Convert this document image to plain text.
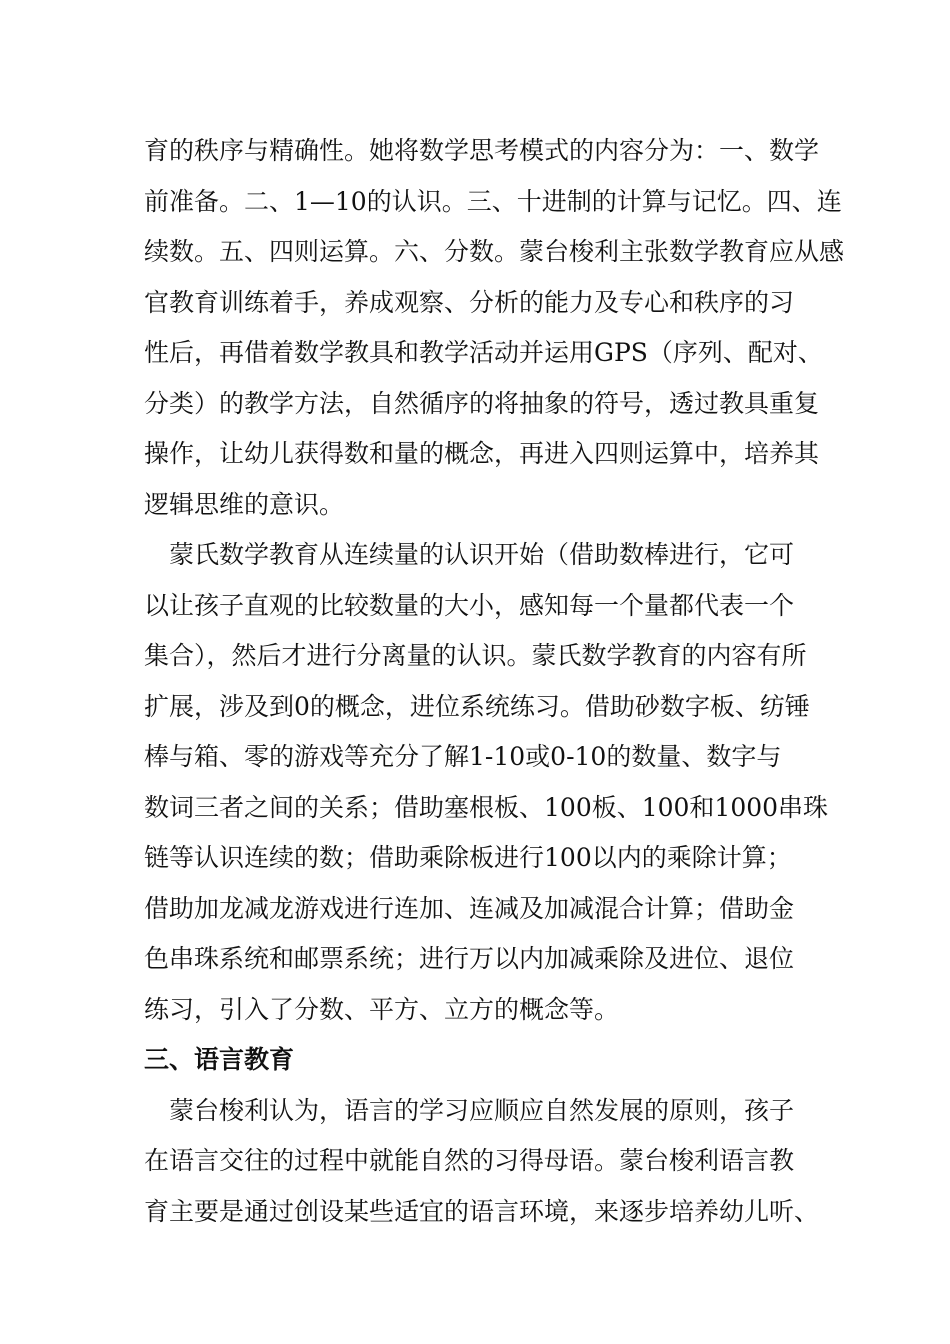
育的秩序与精确性。她将数学思考模式的内容分为：一、数学
前准备。二、1—10的认识。三、十进制的计算与记忆。四、连
续数。五、四则运算。六、分数。蒙台梭利主张数学教育应从感
官教育训练着手，养成观察、分析的能力及专心和秩序的习
性后，再借着数学教具和教学活动并运用GPS（序列、配对、
分类）的教学方法，自然循序的将抽象的符号，透过教具重复
操作，让幼儿获得数和量的概念，再进入四则运算中，培养其
逻辑思维的意识。
　蒙氏数学教育从连续量的认识开始（借助数棒进行，它可
以让孩子直观的比较数量的大小，感知每一个量都代表一个
集合），然后才进行分离量的认识。蒙氏数学教育的内容有所
扩展，涉及到0的概念，进位系统练习。借助砂数字板、纺锤
棒与箱、零的游戏等充分了解1-10或0-10的数量、数字与
数词三者之间的关系；借助塞根板、100板、100和1000串珠
链等认识连续的数；借助乘除板进行100以内的乘除计算；
借助加龙减龙游戏进行连加、连减及加减混合计算；借助金
色串珠系统和邮票系统；进行万以内加减乘除及进位、退位
练习，引入了分数、平方、立方的概念等。
三、语言教育
　蒙台梭利认为，语言的学习应顺应自然发展的原则，孩子
在语言交往的过程中就能自然的习得母语。蒙台梭利语言教
育主要是通过创设某些适宜的语言环境，来逐步培养幼儿听、
